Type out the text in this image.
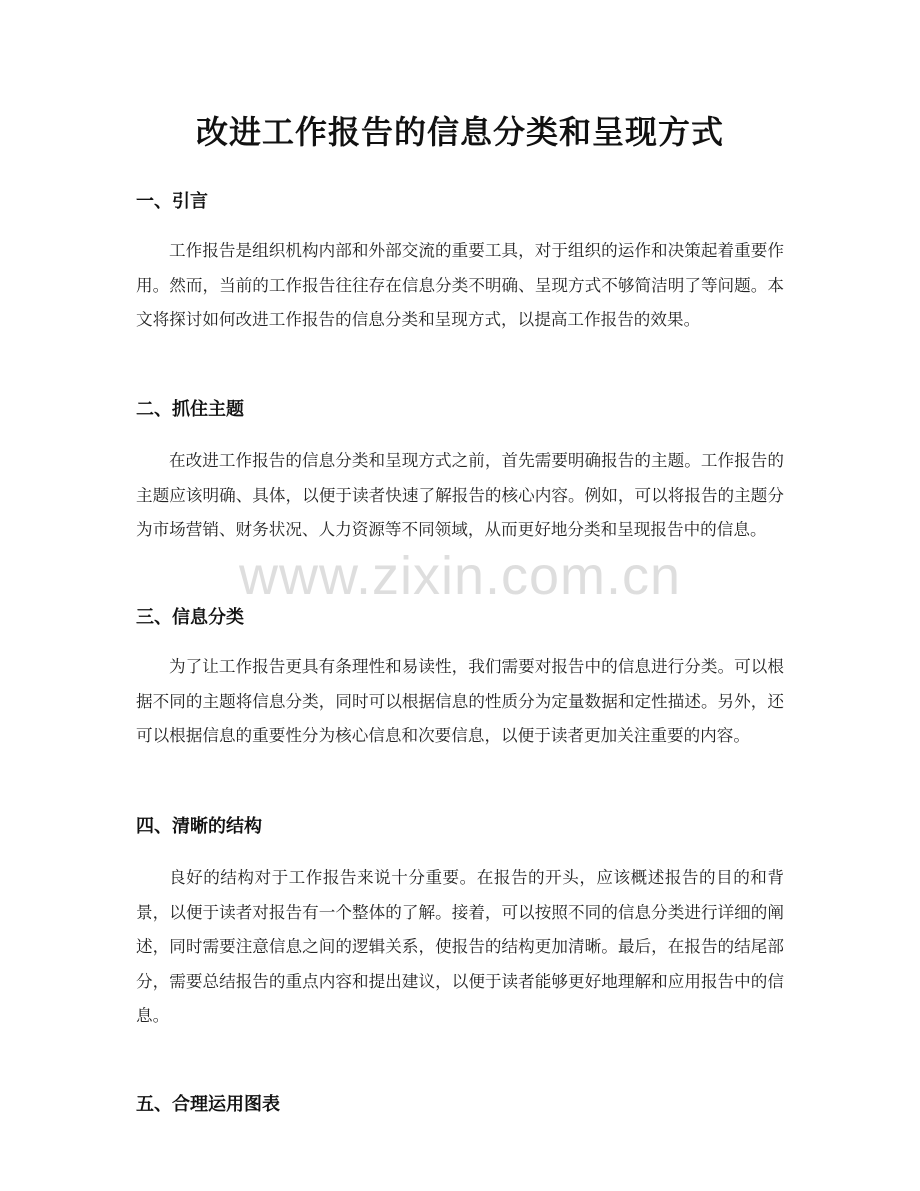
改进工作报告的信息分类和呈现方式
一、引言
工作报告是组织机构内部和外部交流的重要工具，对于组织的运作和决策起着重要作用。然而，当前的工作报告往往存在信息分类不明确、呈现方式不够简洁明了等问题。本文将探讨如何改进工作报告的信息分类和呈现方式，以提高工作报告的效果。
二、抓住主题
在改进工作报告的信息分类和呈现方式之前，首先需要明确报告的主题。工作报告的主题应该明确、具体，以便于读者快速了解报告的核心内容。例如，可以将报告的主题分为市场营销、财务状况、人力资源等不同领域，从而更好地分类和呈现报告中的信息。
三、信息分类
为了让工作报告更具有条理性和易读性，我们需要对报告中的信息进行分类。可以根据不同的主题将信息分类，同时可以根据信息的性质分为定量数据和定性描述。另外，还可以根据信息的重要性分为核心信息和次要信息，以便于读者更加关注重要的内容。
四、清晰的结构
良好的结构对于工作报告来说十分重要。在报告的开头，应该概述报告的目的和背景，以便于读者对报告有一个整体的了解。接着，可以按照不同的信息分类进行详细的阐述，同时需要注意信息之间的逻辑关系，使报告的结构更加清晰。最后，在报告的结尾部分，需要总结报告的重点内容和提出建议，以便于读者能够更好地理解和应用报告中的信息。
五、合理运用图表
www.zixin.com.cn
